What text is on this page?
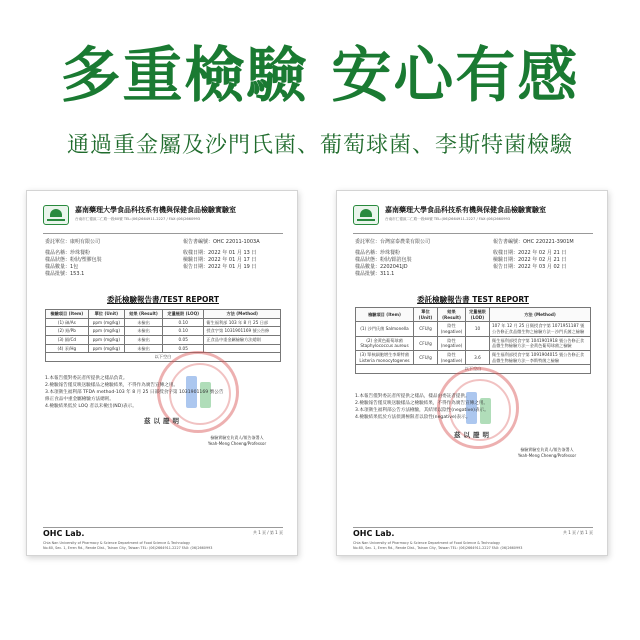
多重檢驗 安心有感
通過重金屬及沙門氏菌、葡萄球菌、李斯特菌檢驗
嘉南藥理大學食品科技系有機與保健食品檢驗實驗室
台南市仁德區二仁路一段60號 TEL:(06)2664911-2227 / FAX:(06)2660993
委託單位：康明有限公司	報告書編號：OHC 22011-1003A
樣品名稱：珍珠餐粉	收樣日期：2022 年 01 月 13 日
樣品狀態：粉狀/塑膠包裝	檢驗日期：2022 年 01 月 17 日
樣品數量：1包	報告日期：2022 年 01 月 19 日
樣品批號：153.1
委託檢驗報告書/TEST REPORT
檢驗項目 (Item)	單位 (Unit)	結果 (Result)	定量極限 (LOQ)	方法 (Method)
(1) 砷/As	ppm (mg/kg)	未檢出	0.10	衛生福利部 103 年 8 月 25 日部
(2) 鉛/Pb	ppm (mg/kg)	未檢出	0.10	授食字第 1031901169 號公告修
(3) 鎘/Cd	ppm (mg/kg)	未檢出	0.05	正食品中重金屬檢驗方法總則
(4) 汞/Hg	ppm (mg/kg)	未檢出	0.05	
以下空白				
1.本報告僅對委託者所提供之樣品負責。
2.檢驗報告僅反映送驗樣品之檢驗結果，不得作為廣告宣傳之用。
3.本項衛生福利部 TFDA method-103 年 8 月 25 日部授食字第 1031901169 號公告
修正食品中重金屬檢驗方法總則。
4.檢驗結果低於 LOQ 者以未檢出(ND)表示。
茲以證明
檢驗實驗室負責人/報告簽署人
Yeah-Meng Cheeng/Professor
OHC Lab.
Chia Nan University of Pharmacy & Science Department of Food Science & Technology
No.60, Sec. 1, Erren Rd., Rende Dist., Tainan City, Taiwan TEL: (06)2664911-2227 FAX: (06)2660993
共 1 頁 / 第 1 頁
嘉南藥理大學食品科技系有機與保健食品檢驗實驗室
台南市仁德區二仁路一段60號 TEL:(06)2664911-2227 / FAX:(06)2660993
委託單位：台灣富泰農業有限公司	報告書編號：OHC 220221-3901M
樣品名稱：珍珠餐粉	收樣日期：2022 年 02 月 21 日
樣品狀態：粉狀/鋁箔包裝	檢驗日期：2022 年 02 月 21 日
樣品數量：2202041JD	報告日期：2022 年 03 月 02 日
樣品批號：311.1
委託檢驗報告書 TEST REPORT
檢驗項目 (Item)	單位 (Unit)	結果 (Result)	定量極限 (LOD)	方法 (Method)
(1) 沙門氏菌 Salmonella	CFU/g	陰性 (negative)	10	107 年 12 月 25 日衛授食字第 1071951187 號公告修正食品微生物之檢驗方法－沙門氏菌之檢驗
(2) 金黃色葡萄球菌 Staphylococcus aureus	CFU/g	陰性 (negative)		衛生福利部授食字第 1041901918 號公告修正食品微生物檢驗方法－金黃色葡萄球菌之檢驗
(3) 單核細胞增生李斯特菌 Listeria monocytogenes	CFU/g	陰性 (negative)	3.6	衛生福利部授食字第 1091904015 號公告修正食品微生物檢驗方法－李斯特菌之檢驗
以下空白				
1.本報告僅對委託者所提供之樣品，樣品由委託者提供。
2.檢驗報告僅反映送驗樣品之檢驗結果，不得作為廣告宣傳之用。
3.本項衛生福利部公告方法檢驗，其結果以陰性(negative)表示。
4.檢驗結果低於方法偵測極限者以陰性(negative)表示。
茲以證明
檢驗實驗室負責人/報告簽署人
Yeah-Meng Cheeng/Professor
OHC Lab.
Chia Nan University of Pharmacy & Science Department of Food Science & Technology
No.60, Sec. 1, Erren Rd., Rende Dist., Tainan City, Taiwan TEL: (06)2664911-2227 FAX: (06)2660993
共 1 頁 / 第 1 頁
